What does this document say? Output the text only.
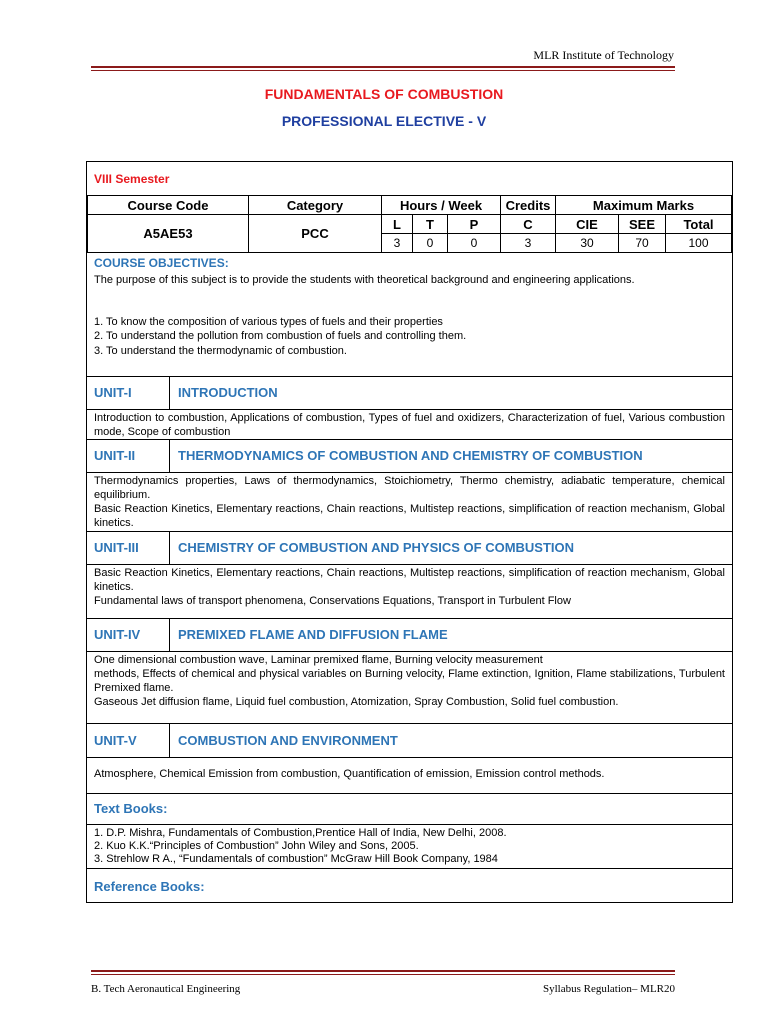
MLR Institute of Technology
FUNDAMENTALS OF COMBUSTION
PROFESSIONAL ELECTIVE - V
VIII Semester
Course Code	Category	Hours / Week			Credits	Maximum Marks		
A5AE53	PCC	L	T	P	C	CIE	SEE	Total
		3	0	0	3	30	70	100
COURSE OBJECTIVES:
The purpose of this subject is to provide the students with theoretical background and engineering applications.
1. To know the composition of various types of fuels and their properties
2. To understand the pollution from combustion of fuels and controlling them.
3. To understand the thermodynamic of combustion.
UNIT-I	INTRODUCTION
Introduction to combustion, Applications of combustion, Types of fuel and oxidizers, Characterization of fuel, Various combustion mode, Scope of combustion
UNIT-II	THERMODYNAMICS OF COMBUSTION AND CHEMISTRY OF COMBUSTION
Thermodynamics properties, Laws of thermodynamics, Stoichiometry, Thermo chemistry, adiabatic temperature, chemical equilibrium.
Basic Reaction Kinetics, Elementary reactions, Chain reactions, Multistep reactions, simplification of reaction mechanism, Global kinetics.
UNIT-III	CHEMISTRY OF COMBUSTION AND PHYSICS OF COMBUSTION
Basic Reaction Kinetics, Elementary reactions, Chain reactions, Multistep reactions, simplification of reaction mechanism, Global kinetics.
Fundamental laws of transport phenomena, Conservations Equations, Transport in Turbulent Flow
UNIT-IV	PREMIXED FLAME AND DIFFUSION FLAME
One dimensional combustion wave, Laminar premixed flame, Burning velocity measurement
methods, Effects of chemical and physical variables on Burning velocity, Flame extinction, Ignition, Flame stabilizations, Turbulent Premixed flame.
Gaseous Jet diffusion flame, Liquid fuel combustion, Atomization, Spray Combustion, Solid fuel combustion.
UNIT-V	COMBUSTION AND ENVIRONMENT
Atmosphere, Chemical Emission from combustion, Quantification of emission, Emission control methods.
Text Books:
1. D.P. Mishra, Fundamentals of Combustion,Prentice Hall of India, New Delhi, 2008.
2. Kuo K.K.“Principles of Combustion” John Wiley and Sons, 2005.
3. Strehlow R A., “Fundamentals of combustion” McGraw Hill Book Company, 1984
Reference Books:
B. Tech Aeronautical Engineering	Syllabus Regulation– MLR20
